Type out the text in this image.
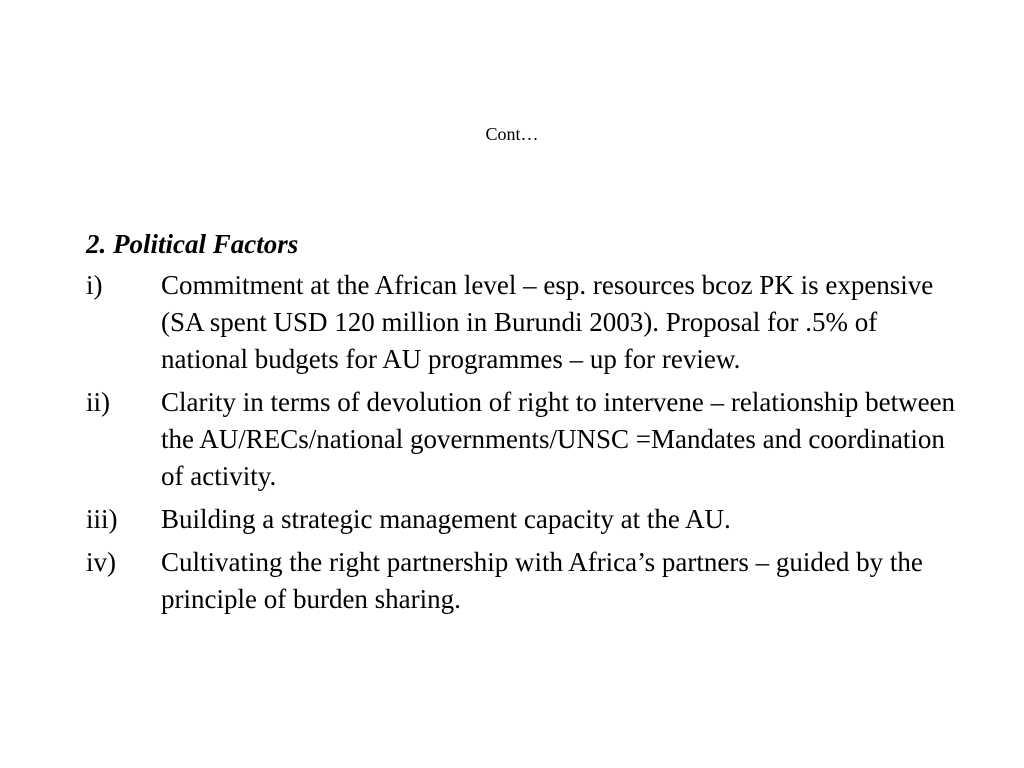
Cont…
2. Political Factors
i)	Commitment at the African level – esp. resources bcoz PK is expensive (SA spent USD 120 million in Burundi 2003). Proposal for .5% of national budgets for AU programmes – up for review.
ii)	Clarity in terms of devolution of right to intervene – relationship between the AU/RECs/national governments/UNSC =Mandates and coordination of activity.
iii)	Building a strategic management capacity at the AU.
iv)	Cultivating the right partnership with Africa’s partners – guided by the principle of burden sharing.
